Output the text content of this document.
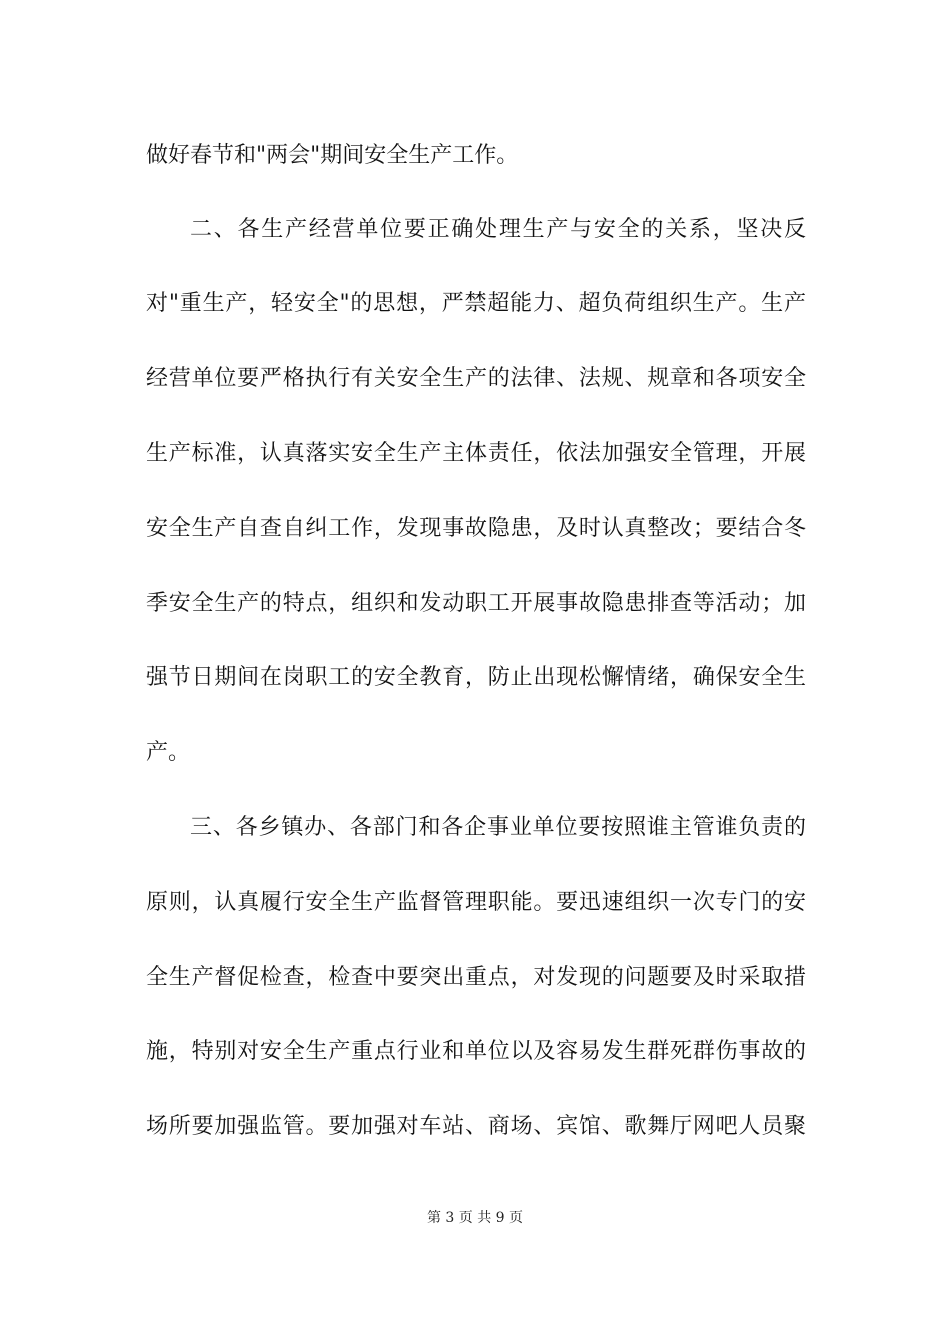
做好春节和"两会"期间安全生产工作。
二、各生产经营单位要正确处理生产与安全的关系，坚决反
对"重生产，轻安全"的思想，严禁超能力、超负荷组织生产。生产
经营单位要严格执行有关安全生产的法律、法规、规章和各项安全
生产标准，认真落实安全生产主体责任，依法加强安全管理，开展
安全生产自查自纠工作，发现事故隐患，及时认真整改；要结合冬
季安全生产的特点，组织和发动职工开展事故隐患排查等活动；加
强节日期间在岗职工的安全教育，防止出现松懈情绪，确保安全生
产。
三、各乡镇办、各部门和各企事业单位要按照谁主管谁负责的
原则，认真履行安全生产监督管理职能。要迅速组织一次专门的安
全生产督促检查，检查中要突出重点，对发现的问题要及时采取措
施，特别对安全生产重点行业和单位以及容易发生群死群伤事故的
场所要加强监管。要加强对车站、商场、宾馆、歌舞厅网吧人员聚
第 3 页 共 9 页
